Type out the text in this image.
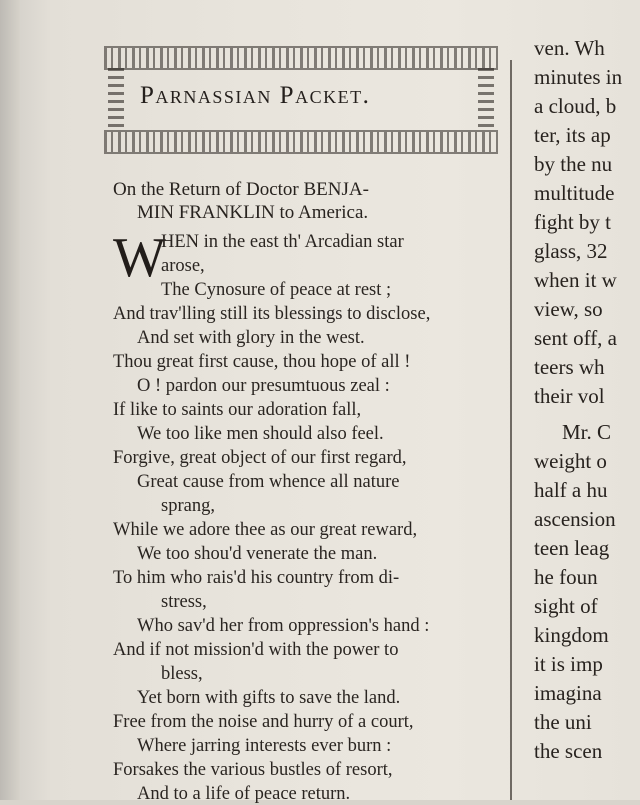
Parnassian Packet.
On the Return of Doctor BENJA-
MIN FRANKLIN to America.
W
HEN in the east th' Arcadian star
arose,
The Cynosure of peace at rest ;
And trav'lling still its blessings to disclose,
And set with glory in the west.
Thou great first cause, thou hope of all !
O ! pardon our presumtuous zeal :
If like to saints our adoration fall,
We too like men should also feel.
Forgive, great object of our first regard,
Great cause from whence all nature
sprang,
While we adore thee as our great reward,
We too shou'd venerate the man.
To him who rais'd his country from di-
stress,
Who sav'd her from oppression's hand :
And if not mission'd with the power to
bless,
Yet born with gifts to save the land.
Free from the noise and hurry of a court,
Where jarring interests ever burn :
Forsakes the various bustles of resort,
And to a life of peace return.
ven. Wh
minutes in
a cloud, b
ter, its ap
by the nu
multitude
fight by t
glass, 32
when it w
view, so
sent off, a
teers wh
their vol
Mr. C
weight o
half a hu
ascension
teen leag
he foun
sight of
kingdom
it is imp
imagina
the uni
the scen
